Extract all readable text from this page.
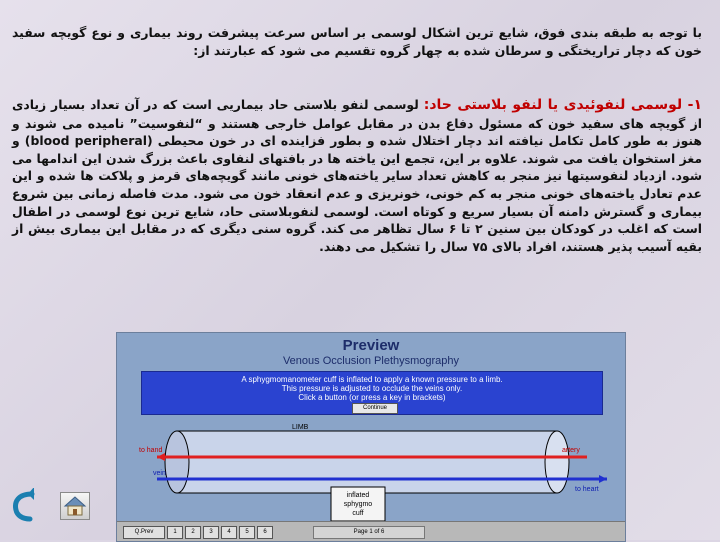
با توجه به طبقه بندی فوق، شایع ترین اشکال لوسمی بر اساس سرعت پیشرفت روند بیماری و نوع گویچه سفید خون که دچار تراریختگی و سرطان شده به چهار گروه تقسیم می شود که عبارتند از:
۱- لوسمی لنفوئیدی یا لنفو بلاستی حاد: لوسمی لنفو بلاستی حاد بیماریی است که در آن تعداد بسیار زیادی از گویچه های سفید خون که مسئول دفاع بدن در مقابل عوامل خارجی هستند و “لنفوسیت” نامیده می شوند و هنوز به طور کامل تکامل نیافته اند دچار اختلال شده و بطور فزاینده ای در خون محیطی (blood peripheral) و مغز استخوان یافت می شوند. علاوه بر این، تجمع این یاخته ها در بافتهای لنفاوی باعث بزرگ شدن این اندامها می شود. ازدیاد لنفوسیتها نیز منجر به کاهش تعداد سایر یاخته‌های خونی مانند گویچه‌های قرمز و پلاکت ها شده و این عدم تعادل یاخته‌های خونی منجر به کم خونی، خونریزی و عدم انعقاد خون می شود. مدت فاصله زمانی بین شروع بیماری و گسترش دامنه آن بسیار سریع و کوتاه است. لوسمی لنفوبلاستی حاد، شایع ترین نوع لوسمی در اطفال است که اغلب در کودکان بین سنین ۲ تا ۶ سال تظاهر می کند. گروه سنی دیگری که در مقابل این بیماری بیش از بقیه آسیب پذیر هستند، افراد بالای ۷۵ سال را تشکیل می دهند.
Preview
Venous Occlusion Plethysmography

A sphygmomanometer cuff is inflated to apply a known pressure to a limb.

This pressure is adjusted to occlude the veins only.

Click a button (or press a key in brackets)

Continue
LIMB
to hand	artery
vein
to heart
inflated
sphygmo
cuff
Q.Prev	1	2	3	4	5	6	Page 1 of 6
